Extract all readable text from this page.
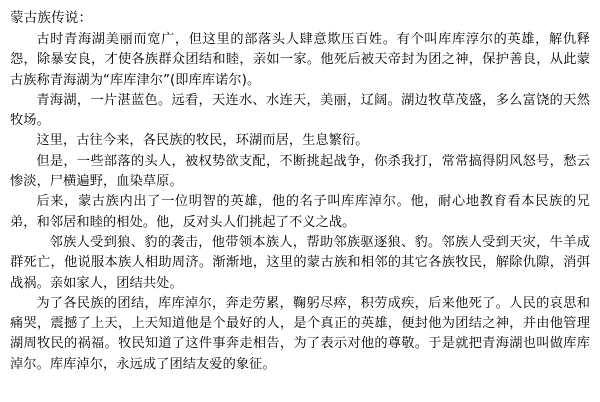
蒙古族传说：

古时青海湖美丽而宽广，但这里的部落头人肆意欺压百姓。有个叫库库淳尔的英雄，解仇释怨，除暴安良，才使各族群众团结和睦，亲如一家。他死后被天帝封为团之神，保护善良，从此蒙古族称青海湖为“库库津尔”(即库库诺尔)。

青海湖，一片湛蓝色。远看，天连水、水连天，美丽，辽阔。湖边牧草茂盛，多么富饶的天然牧场。

这里，古往今来，各民族的牧民，环湖而居，生息繁衍。

但是，一些部落的头人，被权势欲支配，不断挑起战争，你杀我打，常常搞得阴风怒号，愁云惨淡，尸横遍野，血染草原。

后来，蒙古族内出了一位明智的英雄，他的名子叫库库淖尔。他，耐心地教育看本民族的兄弟，和邻居和睦的相处。他，反对头人们挑起了不义之战。

邻族人受到狼、豹的袭击，他带领本族人，帮助邻族驱逐狼、豹。邻族人受到天灾，牛羊成群死亡，他说服本族人相助周济。渐渐地，这里的蒙古族和相邻的其它各族牧民，解除仇隙，消弭战祸。亲如家人，团结共处。

为了各民族的团结，库库淖尔，奔走劳累，鞠躬尽瘁，积劳成疾，后来他死了。人民的哀思和痛哭，震撼了上天，上天知道他是个最好的人，是个真正的英雄，便封他为团结之神，并由他管理湖周牧民的祸福。牧民知道了这件事奔走相告，为了表示对他的尊敬。于是就把青海湖也叫做库库淖尔。库库淖尔，永远成了团结友爱的象征。
